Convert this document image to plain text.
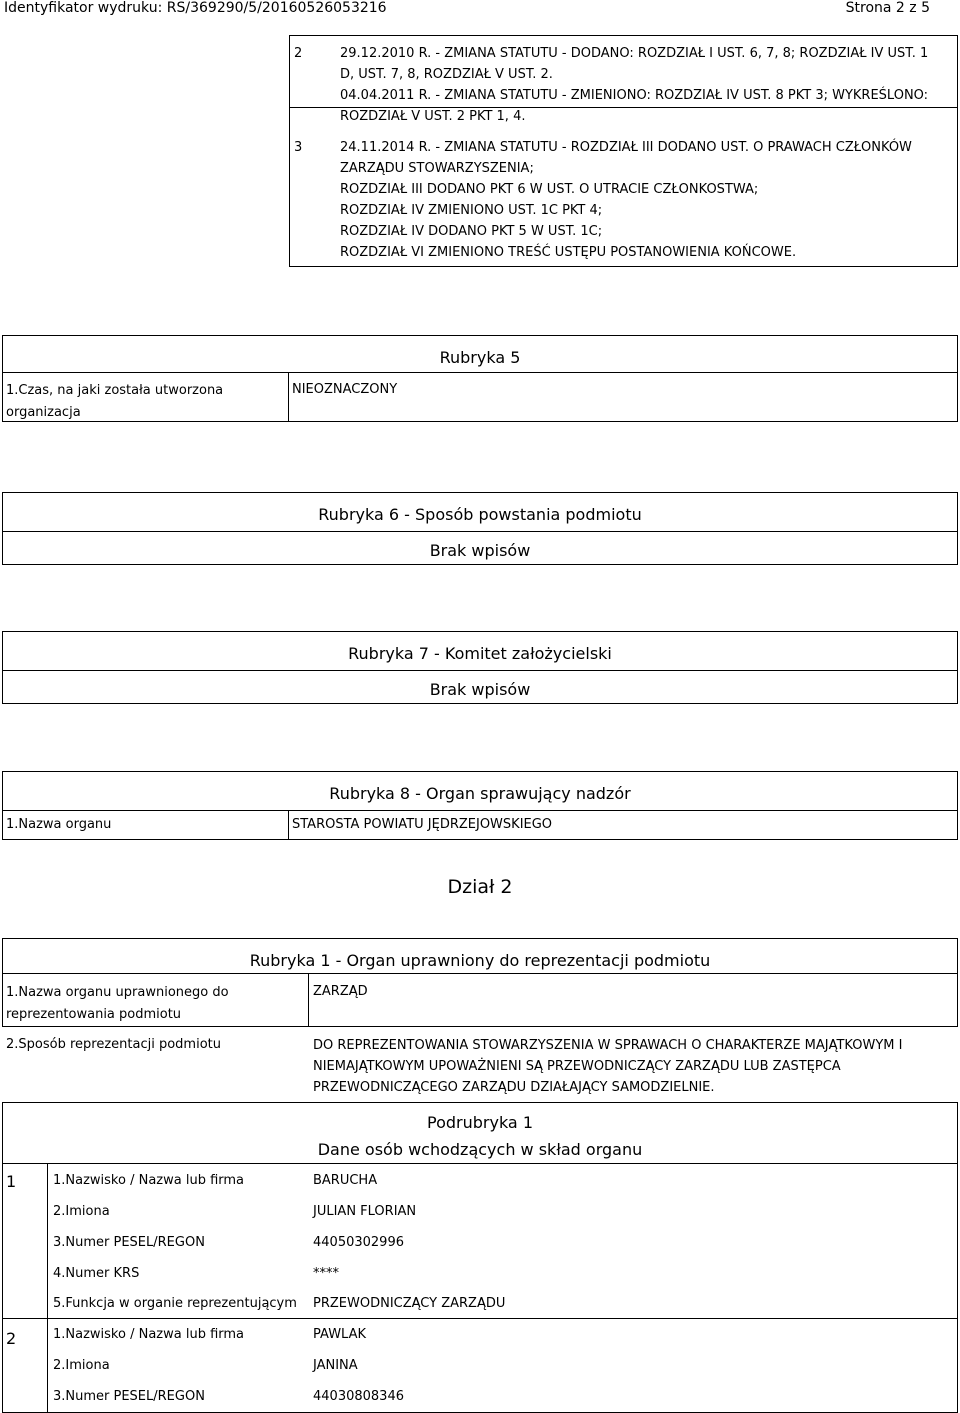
Identyfikator wydruku: RS/369290/5/20160526053216	Strona 2 z 5
2	29.12.2010 R. - ZMIANA STATUTU - DODANO: ROZDZIAŁ I UST. 6, 7, 8; ROZDZIAŁ IV UST. 1
D, UST. 7, 8, ROZDZIAŁ V UST. 2.
04.04.2011 R. - ZMIANA STATUTU - ZMIENIONO: ROZDZIAŁ IV UST. 8 PKT 3; WYKREŚLONO:
ROZDZIAŁ V UST. 2 PKT 1, 4.
3	24.11.2014 R. - ZMIANA STATUTU - ROZDZIAŁ III DODANO UST. O PRAWACH CZŁONKÓW
ZARZĄDU STOWARZYSZENIA;
ROZDZIAŁ III DODANO PKT 6 W UST. O UTRACIE CZŁONKOSTWA;
ROZDZIAŁ IV ZMIENIONO UST. 1C PKT 4;
ROZDZIAŁ IV DODANO PKT 5 W UST. 1C;
ROZDZIAŁ VI ZMIENIONO TREŚĆ USTĘPU POSTANOWIENIA KOŃCOWE.
Rubryka 5
1.Czas, na jaki została utworzona organizacja
NIEOZNACZONY
Rubryka 6 - Sposób powstania podmiotu
Brak wpisów
Rubryka 7 - Komitet założycielski
Brak wpisów
Rubryka 8 - Organ sprawujący nadzór
1.Nazwa organu	STAROSTA POWIATU JĘDRZEJOWSKIEGO
Dział 2
Rubryka 1 - Organ uprawniony do reprezentacji podmiotu
1.Nazwa organu uprawnionego do
reprezentowania podmiotu
ZARZĄD
2.Sposób reprezentacji podmiotu	DO REPREZENTOWANIA STOWARZYSZENIA W SPRAWACH O CHARAKTERZE MAJĄTKOWYM I
NIEMAJĄTKOWYM UPOWAŻNIENI SĄ PRZEWODNICZĄCY ZARZĄDU LUB ZASTĘPCA
PRZEWODNICZĄCEGO ZARZĄDU DZIAŁAJĄCY SAMODZIELNIE.
Podrubryka 1
Dane osób wchodzących w skład organu
1	1.Nazwisko / Nazwa lub firma	BARUCHA
2.Imiona	JULIAN FLORIAN
3.Numer PESEL/REGON	44050302996
4.Numer KRS	****
5.Funkcja w organie reprezentującym PRZEWODNICZĄCY ZARZĄDU
2	1.Nazwisko / Nazwa lub firma	PAWLAK
2.Imiona	JANINA
3.Numer PESEL/REGON	44030808346
